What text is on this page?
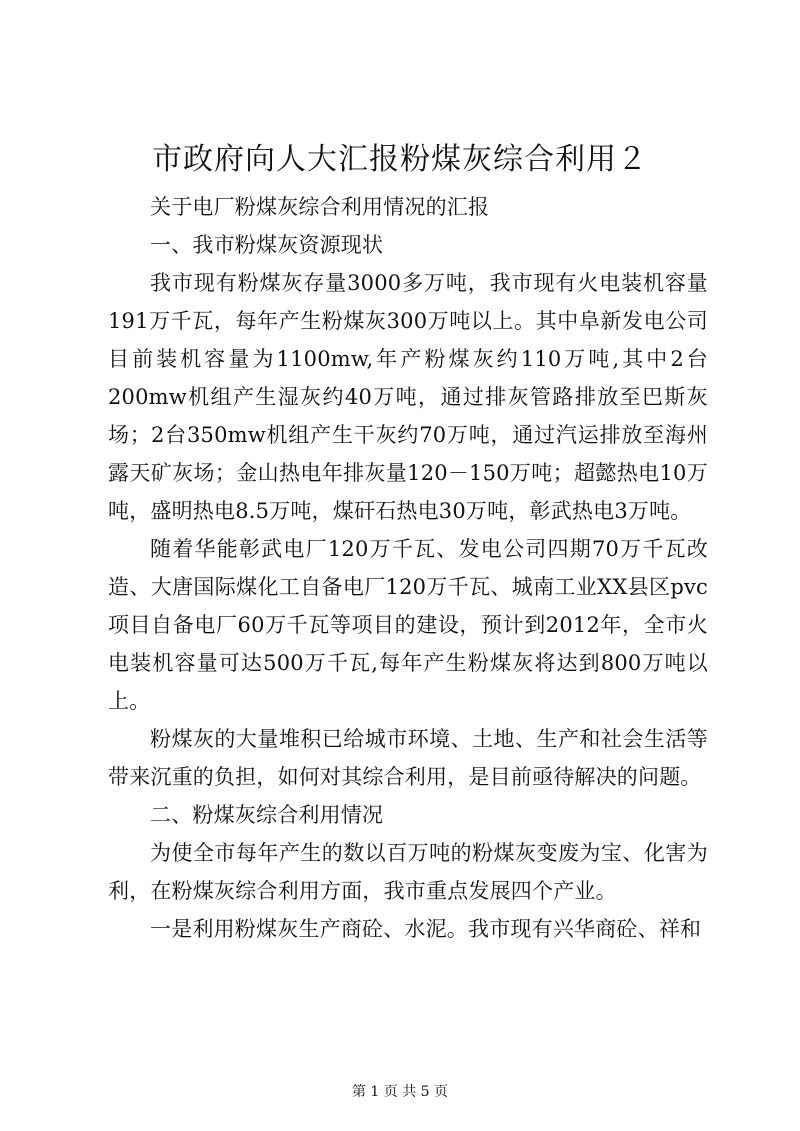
市政府向人大汇报粉煤灰综合利用２

关于电厂粉煤灰综合利用情况的汇报

一、我市粉煤灰资源现状

我市现有粉煤灰存量3000多万吨，我市现有火电装机容量191万千瓦，每年产生粉煤灰300万吨以上。其中阜新发电公司目前装机容量为1100mw,年产粉煤灰约110万吨,其中2台200mw机组产生湿灰约40万吨，通过排灰管路排放至巴斯灰场；2台350mw机组产生干灰约70万吨，通过汽运排放至海州露天矿灰场；金山热电年排灰量120－150万吨；超懿热电10万吨，盛明热电8.5万吨，煤矸石热电30万吨，彰武热电3万吨。

随着华能彰武电厂120万千瓦、发电公司四期70万千瓦改造、大唐国际煤化工自备电厂120万千瓦、城南工业XX县区pvc项目自备电厂60万千瓦等项目的建设，预计到2012年，全市火电装机容量可达500万千瓦,每年产生粉煤灰将达到800万吨以上。

粉煤灰的大量堆积已给城市环境、土地、生产和社会生活等带来沉重的负担，如何对其综合利用，是目前亟待解决的问题。

二、粉煤灰综合利用情况

为使全市每年产生的数以百万吨的粉煤灰变废为宝、化害为利，在粉煤灰综合利用方面，我市重点发展四个产业。

一是利用粉煤灰生产商砼、水泥。我市现有兴华商砼、祥和

第 1 页 共 5 页
